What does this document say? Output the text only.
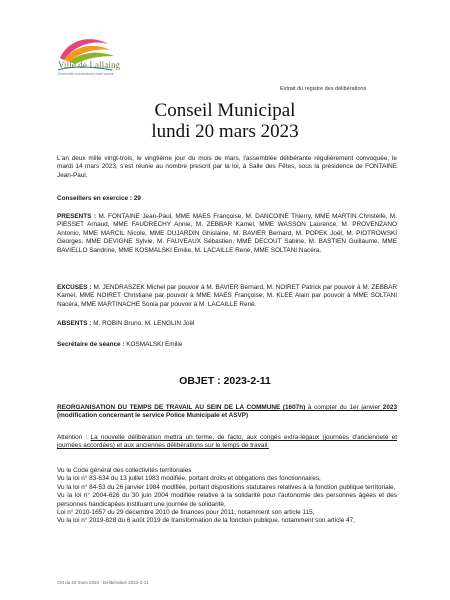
Ville de Lallaing
Ensemble construisons notre avenir
Extrait du registre des délibérations
Conseil Municipal
lundi 20 mars 2023

L'an deux mille vingt-trois, le vingtième jour du mois de mars, l'assemblée délibérante régulièrement convoquée, le mardi 14 mars 2023, s'est réunie au nombre prescrit par la loi, à Salle des Fêtes, sous la présidence de FONTAINE Jean-Paul.

Conseillers en exercice : 29

PRESENTS : M. FONTAINE Jean-Paul, MME MAES Françoise, M. DANCOINE Thierry, MME MARTIN Christelle, M. PIESSET Arnaud, MME FAUDRECHY Annie, M. ZEBBAR Kamel, MME WASSON Laurence, M. PROVENZANO Antonio, MME MARCIL Nicole, MME DUJARDIN Ghislaine, M. BAVIER Bernard, M. POPEK Joël, M. PIOTROWSKI Georges, MME DEVIGNE Sylvie, M. FAUVEAUX Sébastien, MME DECOUT Sabine, M. BASTIEN Guillaume, MME BAVIELLO Sandrine, MME KOSMALSKI Emilie, M. LACAILLE René, MME SOLTANI Nacéra.

EXCUSES : M. JENDRASZEK Michel par pouvoir à M. BAVIER Bernard, M. NOIRET Patrick par pouvoir à M. ZEBBAR Kamel, MME NOIRET Christiane par pouvoir à MME MAES Françoise, M. KLEE Alain par pouvoir à MME SOLTANI Nacéra, MME MARTINACHE Sonia par pouvoir à M. LACAILLE René.

ABSENTS : M. ROBIN Bruno, M. LENGLIN Joël

Secrétaire de séance : KOSMALSKI Emilie

OBJET : 2023-2-11

REORGANISATION DU TEMPS DE TRAVAIL AU SEIN DE LA COMMUNE (1607h) à compter du 1er janvier 2023 (modification concernant le service Police Municipale et ASVP)

Attention : La nouvelle délibération mettra un terme, de facto, aux congés extra-légaux (journées d'ancienneté et journées accordées) et aux anciennes délibérations sur le temps de travail.

Vu le Code général des collectivités territoriales

Vu la loi n° 83-634 du 13 juillet 1983 modifiée, portant droits et obligations des fonctionnaires,

Vu la loi n° 84-53 du 26 janvier 1984 modifiée, portant dispositions statutaires relatives à la fonction publique territoriale,

Vu la loi n° 2004-626 du 30 juin 2004 modifiée relative à la solidarité pour l'autonomie des personnes âgées et des personnes handicapées instituant une journée de solidarité,

Loi n° 2010-1657 du 29 décembre 2010 de finances pour 2011, notamment son article 115,

Vu la loi n° 2019-828 du 6 août 2019 de transformation de la fonction publique, notamment son article 47,

CM du 20 mars 2023 - Délibération 2023-2-11
